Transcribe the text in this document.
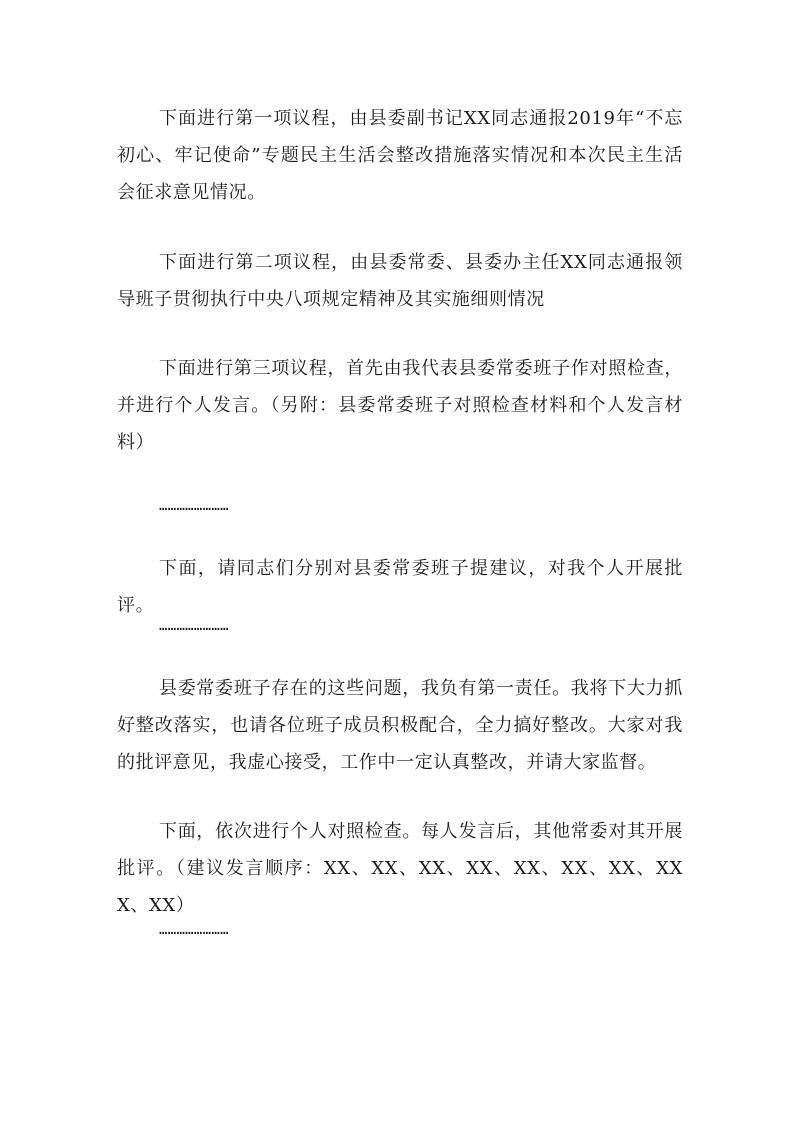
下面进行第一项议程，由县委副书记XX同志通报2019年“不忘初心、牢记使命”专题民主生活会整改措施落实情况和本次民主生活会征求意见情况。

下面进行第二项议程，由县委常委、县委办主任XX同志通报领导班子贯彻执行中央八项规定精神及其实施细则情况

下面进行第三项议程，首先由我代表县委常委班子作对照检查，并进行个人发言。（另附：县委常委班子对照检查材料和个人发言材料）

……………………

下面，请同志们分别对县委常委班子提建议，对我个人开展批评。

……………………

县委常委班子存在的这些问题，我负有第一责任。我将下大力抓好整改落实，也请各位班子成员积极配合，全力搞好整改。大家对我的批评意见，我虚心接受，工作中一定认真整改，并请大家监督。

下面，依次进行个人对照检查。每人发言后，其他常委对其开展批评。（建议发言顺序：XX、XX、XX、XX、XX、XX、XX、XXX、XX）

……………………
